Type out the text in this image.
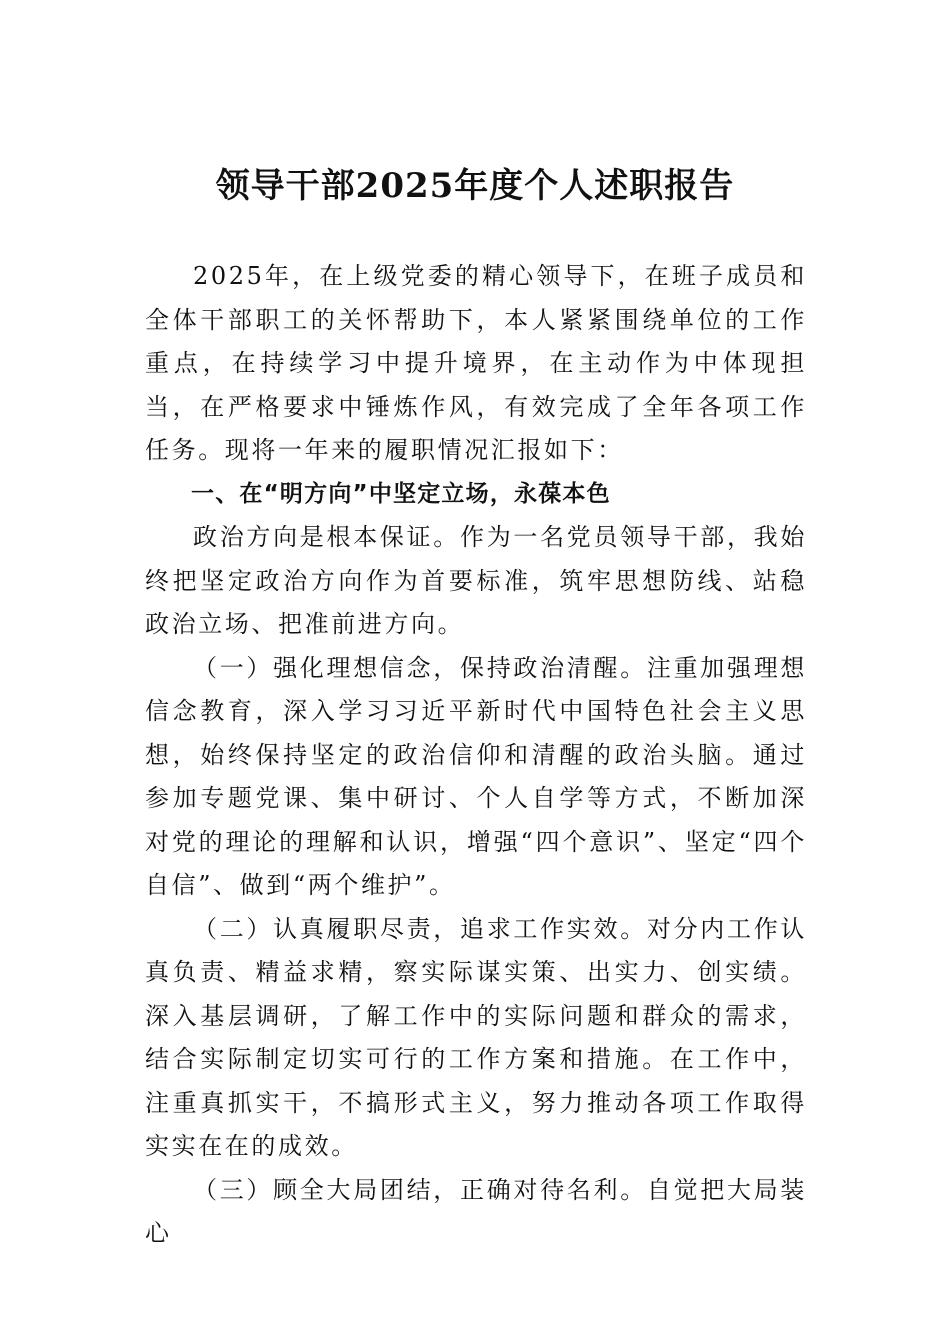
领导干部2025年度个人述职报告

2025年，在上级党委的精心领导下，在班子成员和全体干部职工的关怀帮助下，本人紧紧围绕单位的工作重点，在持续学习中提升境界，在主动作为中体现担当，在严格要求中锤炼作风，有效完成了全年各项工作任务。现将一年来的履职情况汇报如下：

一、在“明方向”中坚定立场，永葆本色

政治方向是根本保证。作为一名党员领导干部，我始终把坚定政治方向作为首要标准，筑牢思想防线、站稳政治立场、把准前进方向。

（一）强化理想信念，保持政治清醒。注重加强理想信念教育，深入学习习近平新时代中国特色社会主义思想，始终保持坚定的政治信仰和清醒的政治头脑。通过参加专题党课、集中研讨、个人自学等方式，不断加深对党的理论的理解和认识，增强“四个意识”、坚定“四个自信”、做到“两个维护”。

（二）认真履职尽责，追求工作实效。对分内工作认真负责、精益求精，察实际谋实策、出实力、创实绩。深入基层调研，了解工作中的实际问题和群众的需求，结合实际制定切实可行的工作方案和措施。在工作中，注重真抓实干，不搞形式主义，努力推动各项工作取得实实在在的成效。

（三）顾全大局团结，正确对待名利。自觉把大局装心
